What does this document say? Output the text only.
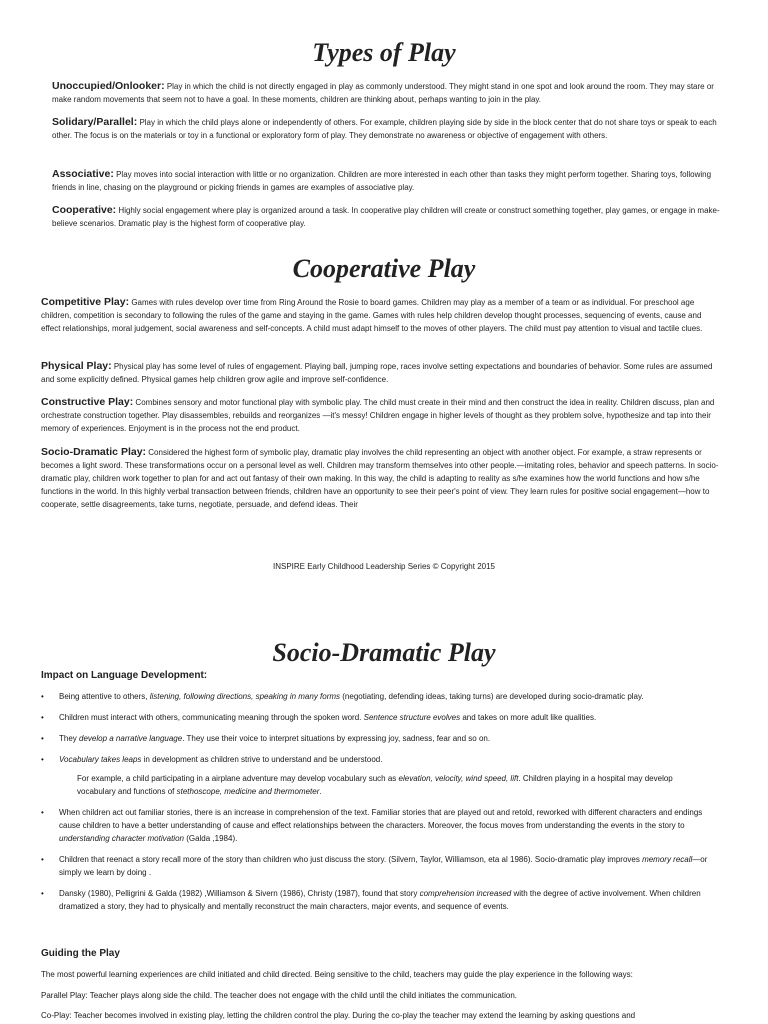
Types of Play

Unoccupied/Onlooker: Play in which the child is not directly engaged in play as commonly understood. They might stand in one spot and look around the room. They may stare or make random movements that seem not to have a goal. In these moments, children are thinking about, perhaps wanting to join in the play.

Solidary/Parallel: Play in which the child plays alone or independently of others. For example, children playing side by side in the block center that do not share toys or speak to each other. The focus is on the materials or toy in a functional or exploratory form of play. They demonstrate no awareness or objective of engagement with others.

Associative: Play moves into social interaction with little or no organization. Children are more interested in each other than tasks they might perform together. Sharing toys, following friends in line, chasing on the playground or picking friends in games are examples of associative play.

Cooperative: Highly social engagement where play is organized around a task. In cooperative play children will create or construct something together, play games, or engage in make-believe scenarios. Dramatic play is the highest form of cooperative play.

Cooperative Play

Competitive Play: Games with rules develop over time from Ring Around the Rosie to board games. Children may play as a member of a team or as individual. For preschool age children, competition is secondary to following the rules of the game and staying in the game. Games with rules help children develop thought processes, sequencing of events, cause and effect relationships, moral judgement, social awareness and self-concepts. A child must adapt himself to the moves of other players. The child must pay attention to visual and tactile clues.

Physical Play: Physical play has some level of rules of engagement. Playing ball, jumping rope, races involve setting expectations and boundaries of behavior. Some rules are assumed and some explicitly defined. Physical games help children grow agile and improve self-confidence.

Constructive Play: Combines sensory and motor functional play with symbolic play. The child must create in their mind and then construct the idea in reality. Children discuss, plan and orchestrate construction together. Play disassembles, rebuilds and reorganizes —it's messy! Children engage in higher levels of thought as they problem solve, hypothesize and tap into their memory of experiences. Enjoyment is in the process not the end product.

Socio-Dramatic Play: Considered the highest form of symbolic play, dramatic play involves the child representing an object with another object. For example, a straw represents or becomes a light sword. These transformations occur on a personal level as well. Children may transform themselves into other people.—imitating roles, behavior and speech patterns. In socio-dramatic play, children work together to plan for and act out fantasy of their own making. In this way, the child is adapting to reality as s/he examines how the world functions and how s/he functions in the world. In this highly verbal transaction between friends, children have an opportunity to see their peer's point of view. They learn rules for positive social engagement—how to cooperate, settle disagreements, take turns, negotiate, persuade, and defend ideas. Their

INSPIRE Early Childhood Leadership Series © Copyright 2015
Socio-Dramatic Play

Impact on Language Development:

• Being attentive to others, listening, following directions, speaking in many forms (negotiating, defending ideas, taking turns) are developed during socio-dramatic play.
• Children must interact with others, communicating meaning through the spoken word. Sentence structure evolves and takes on more adult like qualities.
• They develop a narrative language. They use their voice to interpret situations by expressing joy, sadness, fear and so on.
• Vocabulary takes leaps in development as children strive to understand and be understood.

For example, a child participating in a airplane adventure may develop vocabulary such as elevation, velocity, wind speed, lift. Children playing in a hospital may develop vocabulary and functions of stethoscope, medicine and thermometer.

• When children act out familiar stories, there is an increase in comprehension of the text. Familiar stories that are played out and retold, reworked with different characters and endings cause children to have a better understanding of cause and effect relationships between the characters. Moreover, the focus moves from understanding the events in the story to understanding character motivation (Galda ,1984).
• Children that reenact a story recall more of the story than children who just discuss the story. (Silvern, Taylor, Williamson, eta al 1986). Socio-dramatic play improves memory recall—or simply we learn by doing .
• Dansky (1980), Pelligrini & Galda (1982) ,Williamson & Sivern (1986), Christy (1987), found that story comprehension increased with the degree of active involvement. When children dramatized a story, they had to physically and mentally reconstruct the main characters, major events, and sequence of events.

Guiding the Play

The most powerful learning experiences are child initiated and child directed. Being sensitive to the child, teachers may guide the play experience in the following ways:

Parallel Play: Teacher plays along side the child. The teacher does not engage with the child until the child initiates the communication.

Co-Play: Teacher becomes involved in existing play, letting the children control the play. During the co-play the teacher may extend the learning by asking questions and
